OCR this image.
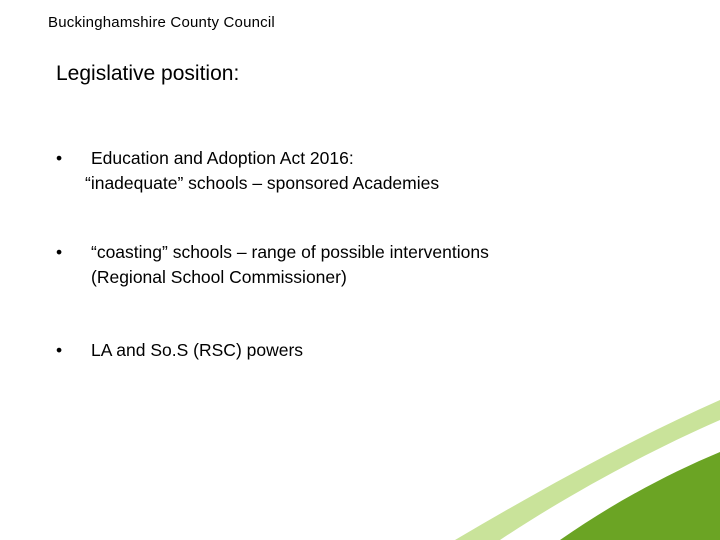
Buckinghamshire County Council
Legislative position:
•	Education and Adoption Act 2016:
“inadequate” schools – sponsored Academies
•	“coasting” schools – range of possible interventions
(Regional School Commissioner)
•	LA and So.S (RSC) powers
